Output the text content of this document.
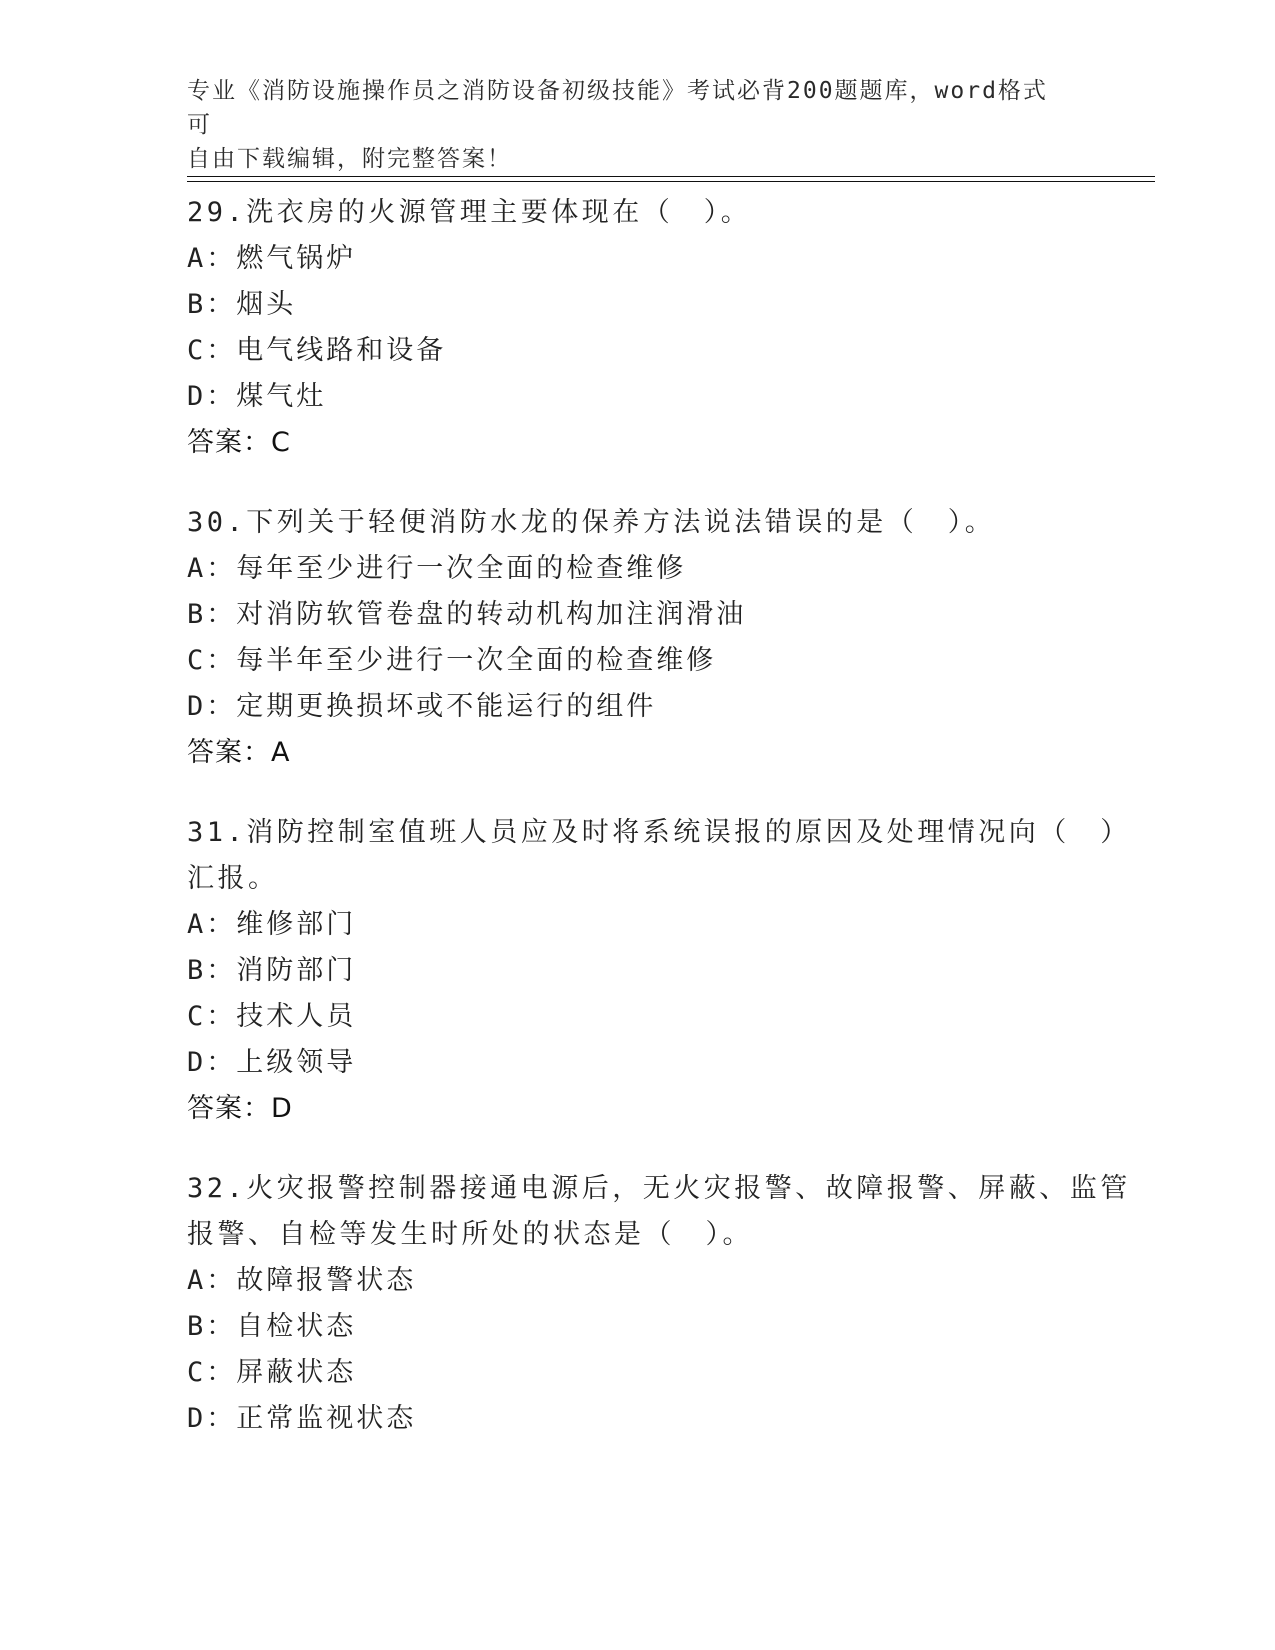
专业《消防设施操作员之消防设备初级技能》考试必背200题题库，word格式可
自由下载编辑，附完整答案！
29.洗衣房的火源管理主要体现在（　）。
A：燃气锅炉
B：烟头
C：电气线路和设备
D：煤气灶
答案：C
30.下列关于轻便消防水龙的保养方法说法错误的是（　）。
A：每年至少进行一次全面的检查维修
B：对消防软管卷盘的转动机构加注润滑油
C：每半年至少进行一次全面的检查维修
D：定期更换损坏或不能运行的组件
答案：A
31.消防控制室值班人员应及时将系统误报的原因及处理情况向（　）
汇报。
A：维修部门
B：消防部门
C：技术人员
D：上级领导
答案：D
32.火灾报警控制器接通电源后，无火灾报警、故障报警、屏蔽、监管
报警、自检等发生时所处的状态是（　）。
A：故障报警状态
B：自检状态
C：屏蔽状态
D：正常监视状态
